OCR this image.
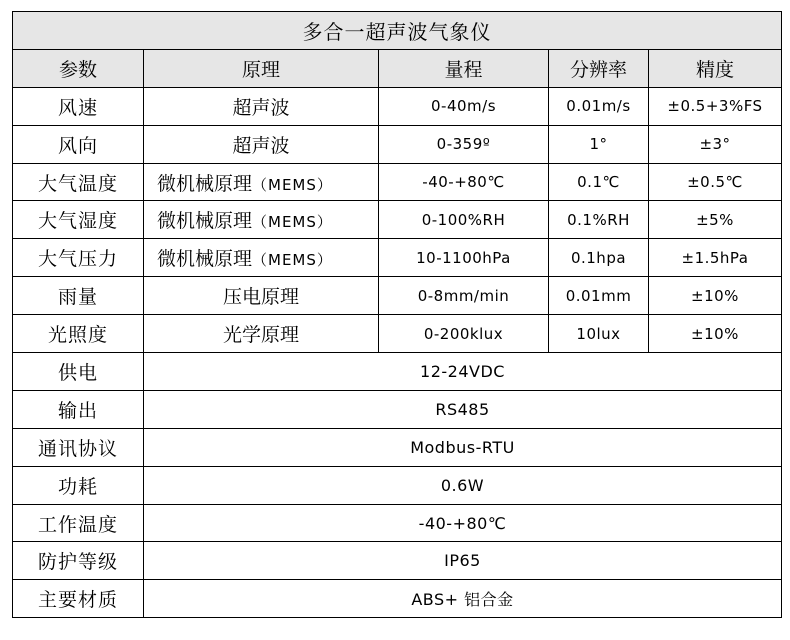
多合一超声波气象仪				
参数	原理	量程	分辨率	精度
风速	超声波	0-40m/s	0.01m/s	±0.5+3%FS
风向	超声波	0-359º	1°	±3°
大气温度	微机械原理（MEMS）	-40-+80℃	0.1℃	±0.5℃
大气湿度	微机械原理（MEMS）	0-100%RH	0.1%RH	±5%
大气压力	微机械原理（MEMS）	10-1100hPa	0.1hpa	±1.5hPa
雨量	压电原理	0-8mm/min	0.01mm	±10%
光照度	光学原理	0-200klux	10lux	±10%
供电	12-24VDC			
输出	RS485			
通讯协议	Modbus-RTU			
功耗	0.6W			
工作温度	-40-+80℃			
防护等级	IP65			
主要材质	ABS+ 铝合金			
